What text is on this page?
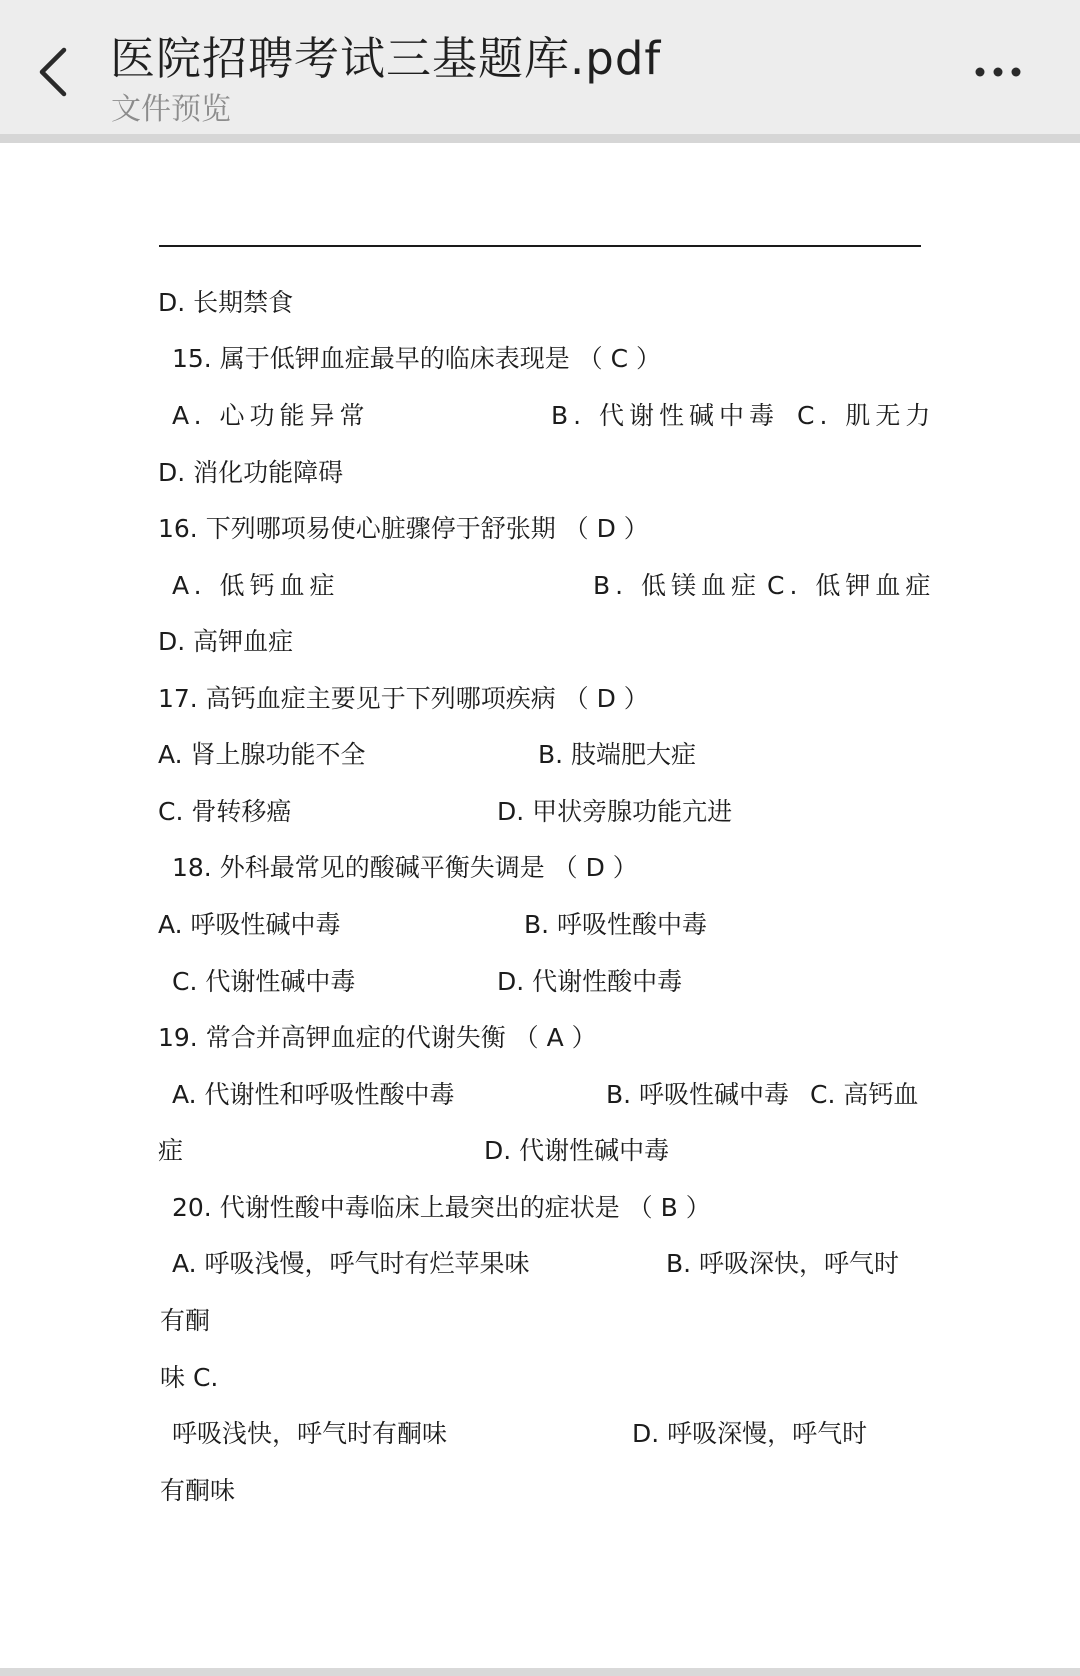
医院招聘考试三基题库.pdf
文件预览
D. 长期禁食
15. 属于低钾血症最早的临床表现是 （ C ）
A. 心功能异常	B. 代谢性碱中毒 C. 肌无力
D. 消化功能障碍
16. 下列哪项易使心脏骤停于舒张期 （ D ）
A. 低钙血症	B. 低镁血症 C. 低钾血症
D. 高钾血症
17. 高钙血症主要见于下列哪项疾病 （ D ）
A. 肾上腺功能不全	B. 肢端肥大症
C. 骨转移癌	D. 甲状旁腺功能亢进
18. 外科最常见的酸碱平衡失调是 （ D ）
A. 呼吸性碱中毒	B. 呼吸性酸中毒
C. 代谢性碱中毒	D. 代谢性酸中毒
19. 常合并高钾血症的代谢失衡 （ A ）
A. 代谢性和呼吸性酸中毒	B. 呼吸性碱中毒 C. 高钙血
症	D. 代谢性碱中毒
20. 代谢性酸中毒临床上最突出的症状是 （ B ）
A. 呼吸浅慢，呼气时有烂苹果味	B. 呼吸深快，呼气时
有酮
味 C.
呼吸浅快，呼气时有酮味	D. 呼吸深慢，呼气时
有酮味
